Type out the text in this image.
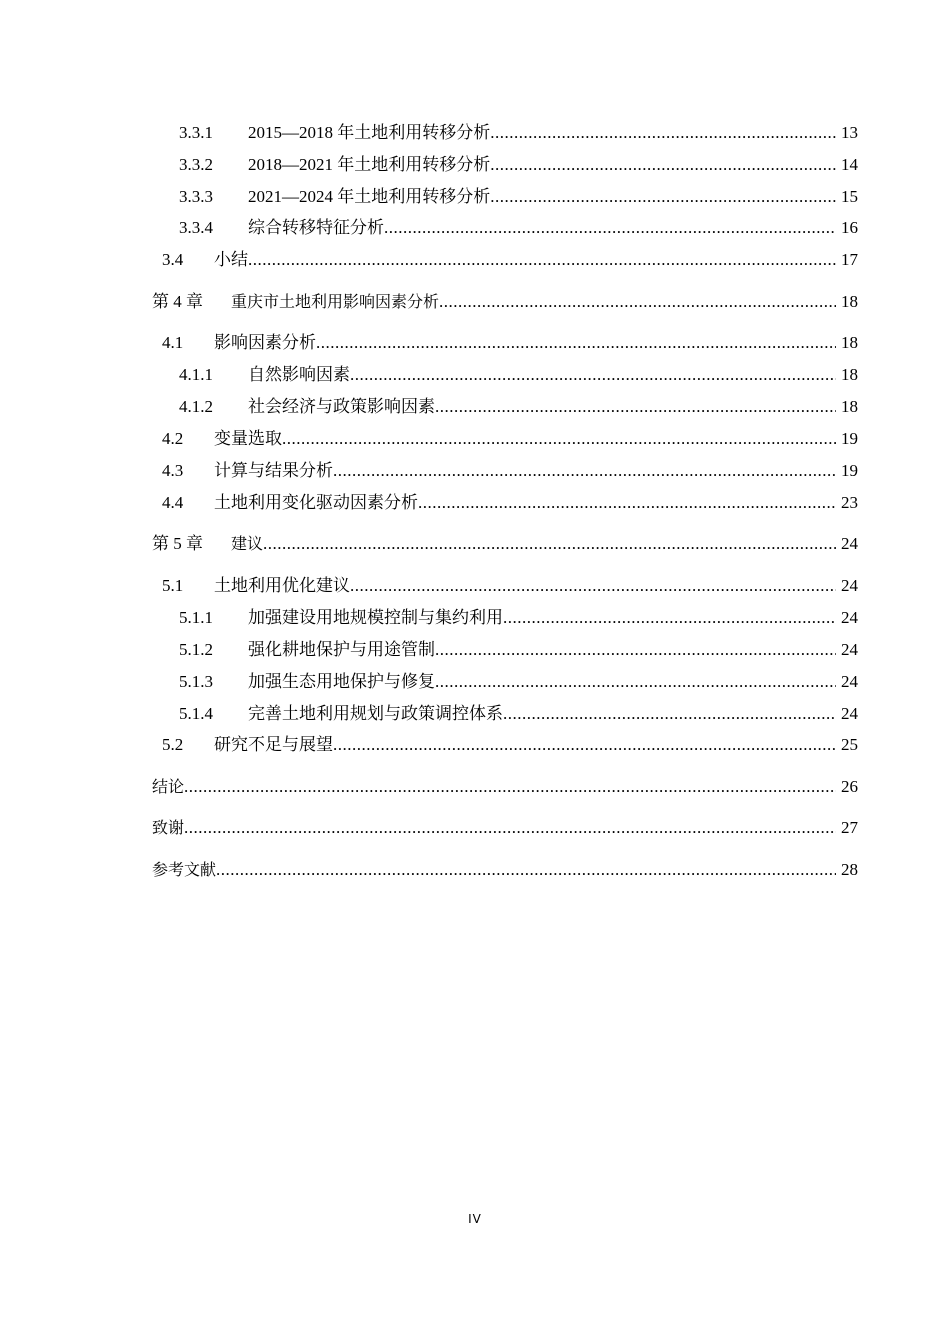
3.3.1	2015—2018 年土地利用转移分析 .....	13
3.3.2	2018—2021 年土地利用转移分析 .....	14
3.3.3	2021—2024 年土地利用转移分析 .....	15
3.3.4	综合转移特征分析 .....	16
3.4	小结 .....	17
第 4 章	重庆市土地利用影响因素分析 .....	18
4.1	影响因素分析 .....	18
4.1.1	自然影响因素 .....	18
4.1.2	社会经济与政策影响因素 .....	18
4.2	变量选取 .....	19
4.3	计算与结果分析 .....	19
4.4	土地利用变化驱动因素分析 .....	23
第 5 章	建议 .....	24
5.1	土地利用优化建议 .....	24
5.1.1	加强建设用地规模控制与集约利用 .....	24
5.1.2	强化耕地保护与用途管制 .....	24
5.1.3	加强生态用地保护与修复 .....	24
5.1.4	完善土地利用规划与政策调控体系 .....	24
5.2	研究不足与展望 .....	25
结论 .....	26
致谢 .....	27
参考文献 .....	28
IV
